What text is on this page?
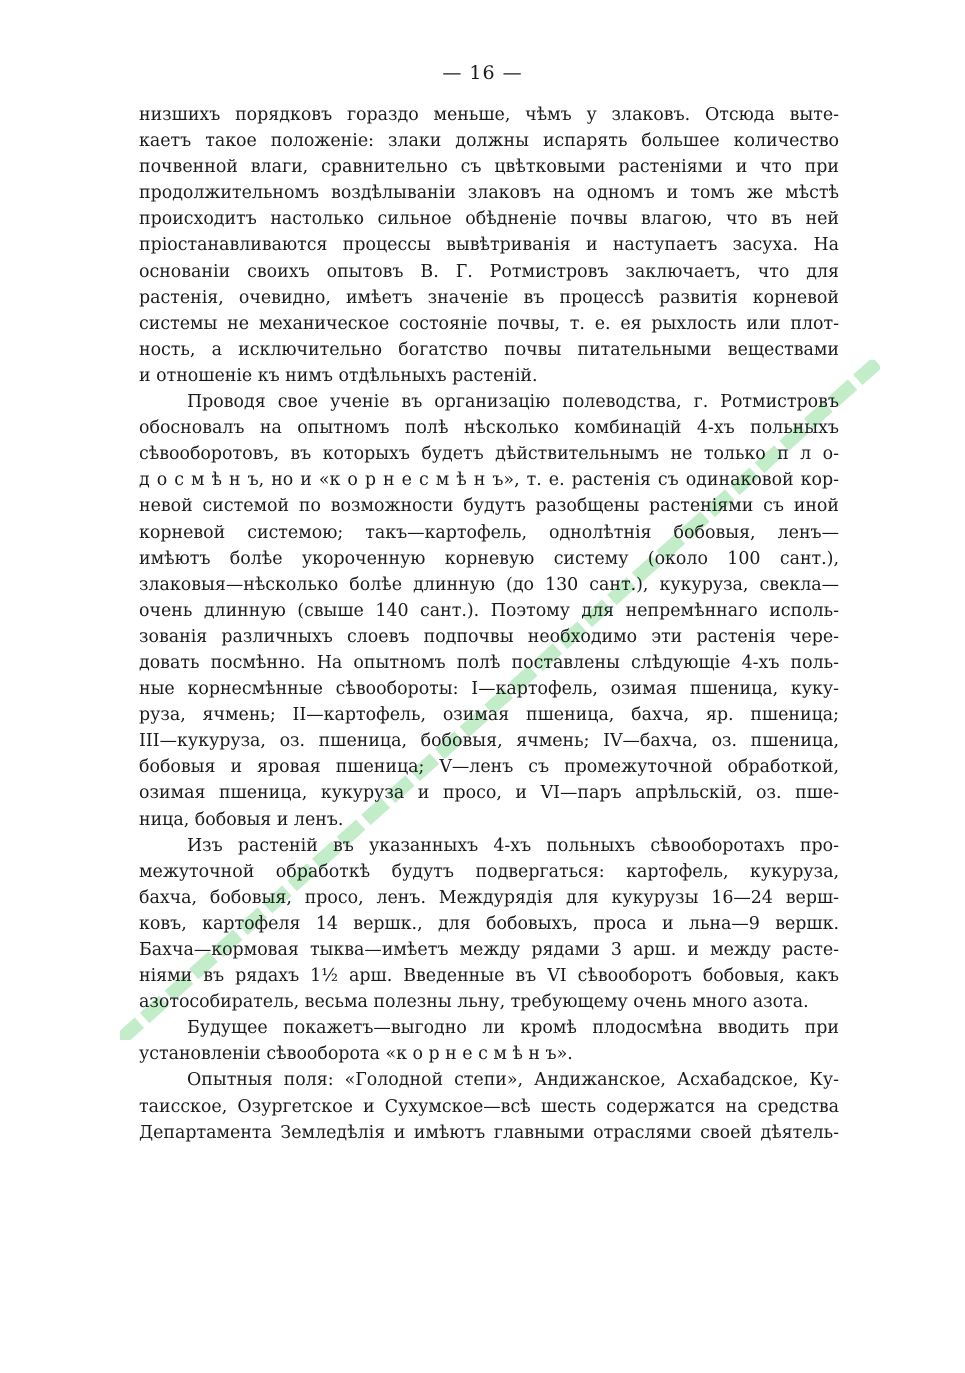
— 16 —
низшихъ порядковъ гораздо меньше, чѣмъ у злаковъ. Отсюда вытe-
каетъ такое положеніе: злаки должны испарять большее количество
почвенной влаги, сравнительно съ цвѣтковыми растеніями и что при
продолжительномъ воздѣлываніи злаковъ на одномъ и томъ же мѣстѣ
происходитъ настолько сильное обѣдненіе почвы влагою, что въ ней
пріостанавливаются процессы вывѣтриванія и наступаетъ засуха. На
основаніи своихъ опытовъ В. Г. Ротмистровъ заключаетъ, что для
растенія, очевидно, имѣетъ значеніе въ процессѣ развитія корневой
системы не механическое состояніе почвы, т. е. ея рыхлость или плот-
ность, а исключительно богатство почвы питательными веществами
и отношеніе къ нимъ отдѣльныхъ растеній.
Проводя свое ученіе въ организацію полеводства, г. Ротмистровъ
обосновалъ на опытномъ полѣ нѣсколько комбинацій 4-хъ польныхъ
сѣвооборотовъ, въ которыхъ будетъ дѣйствительнымъ не только п л о-
д о с м ѣ н ъ, но и «к о р н е с м ѣ н ъ», т. е. растенія съ одинаковой кор-
невой системой по возможности будутъ разобщены растеніями съ иной
корневой системою; такъ—картофель, однолѣтнія бобовыя, ленъ—
имѣютъ болѣе укороченную корневую систему (около 100 сант.),
злаковыя—нѣсколько болѣе длинную (до 130 сант.), кукуруза, свекла—
очень длинную (свыше 140 сант.). Поэтому для непремѣннаго исполь-
зованія различныхъ слоевъ подпочвы необходимо эти растенія чере-
довать посмѣнно. На опытномъ полѣ поставлены слѣдующіе 4-хъ поль-
ные корнесмѣнные сѣвообороты: I—картофель, озимая пшеница, куку-
руза, ячмень; II—картофель, озимая пшеница, бахча, яр. пшеница;
III—кукуруза, оз. пшеница, бобовыя, ячмень; IV—бахча, оз. пшеница,
бобовыя и яровая пшеница; V—ленъ съ промежуточной обработкой,
озимая пшеница, кукуруза и просо, и VI—паръ апрѣльскій, оз. пше-
ница, бобовыя и ленъ.
Изъ растеній въ указанныхъ 4-хъ польныхъ сѣвооборотахъ про-
межуточной обработкѣ будутъ подвергаться: картофель, кукуруза,
бахча, бобовыя, просо, ленъ. Междурядія для кукурузы 16—24 верш-
ковъ, картофеля 14 вершк., для бобовыхъ, проса и льна—9 вершк.
Бахча—кормовая тыква—имѣетъ между рядами 3 арш. и между расте-
ніями въ рядахъ 1½ арш. Введенные въ VI сѣвооборотъ бобовыя, какъ
азотособиратель, весьма полезны льну, требующему очень много азота.
Будущее покажетъ—выгодно ли кромѣ плодосмѣна вводить при
установленіи сѣвооборота «к о р н е с м ѣ н ъ».
Опытныя поля: «Голодной степи», Андижанское, Асхабадское, Ку-
таисское, Озургетское и Сухумское—всѣ шесть содержатся на средства
Департамента Земледѣлія и имѣютъ главными отраслями своей дѣятель-
